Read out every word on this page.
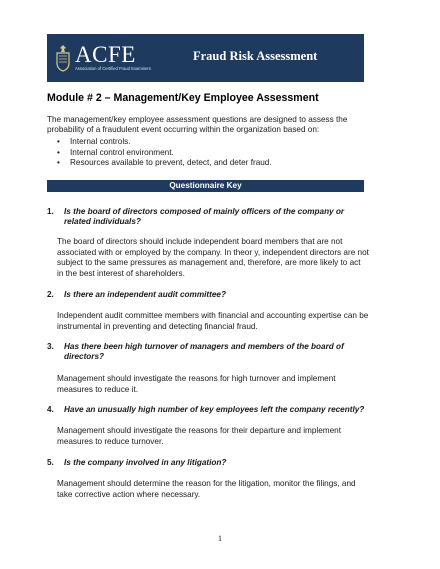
ACFE
Association of Certified Fraud Examiners
Fraud Risk Assessment
Module # 2 – Management/Key Employee Assessment
The management/key employee assessment questions are designed to assess the probability of a fraudulent event occurring within the organization based on:
• Internal controls.
• Internal control environment.
• Resources available to prevent, detect, and deter fraud.
Questionnaire Key
1. Is the board of directors composed of mainly officers of the company or related individuals?
The board of directors should include independent board members that are not associated with or employed by the company. In theor y, independent directors are not subject to the same pressures as management and, therefore, are more likely to act in the best interest of shareholders.
2. Is there an independent audit committee?
Independent audit committee members with financial and accounting expertise can be instrumental in preventing and detecting financial fraud.
3. Has there been high turnover of managers and members of the board of directors?
Management should investigate the reasons for high turnover and implement measures to reduce it.
4. Have an unusually high number of key employees left the company recently?
Management should investigate the reasons for their departure and implement measures to reduce turnover.
5. Is the company involved in any litigation?
Management should determine the reason for the litigation, monitor the filings, and take corrective action where necessary.
1
